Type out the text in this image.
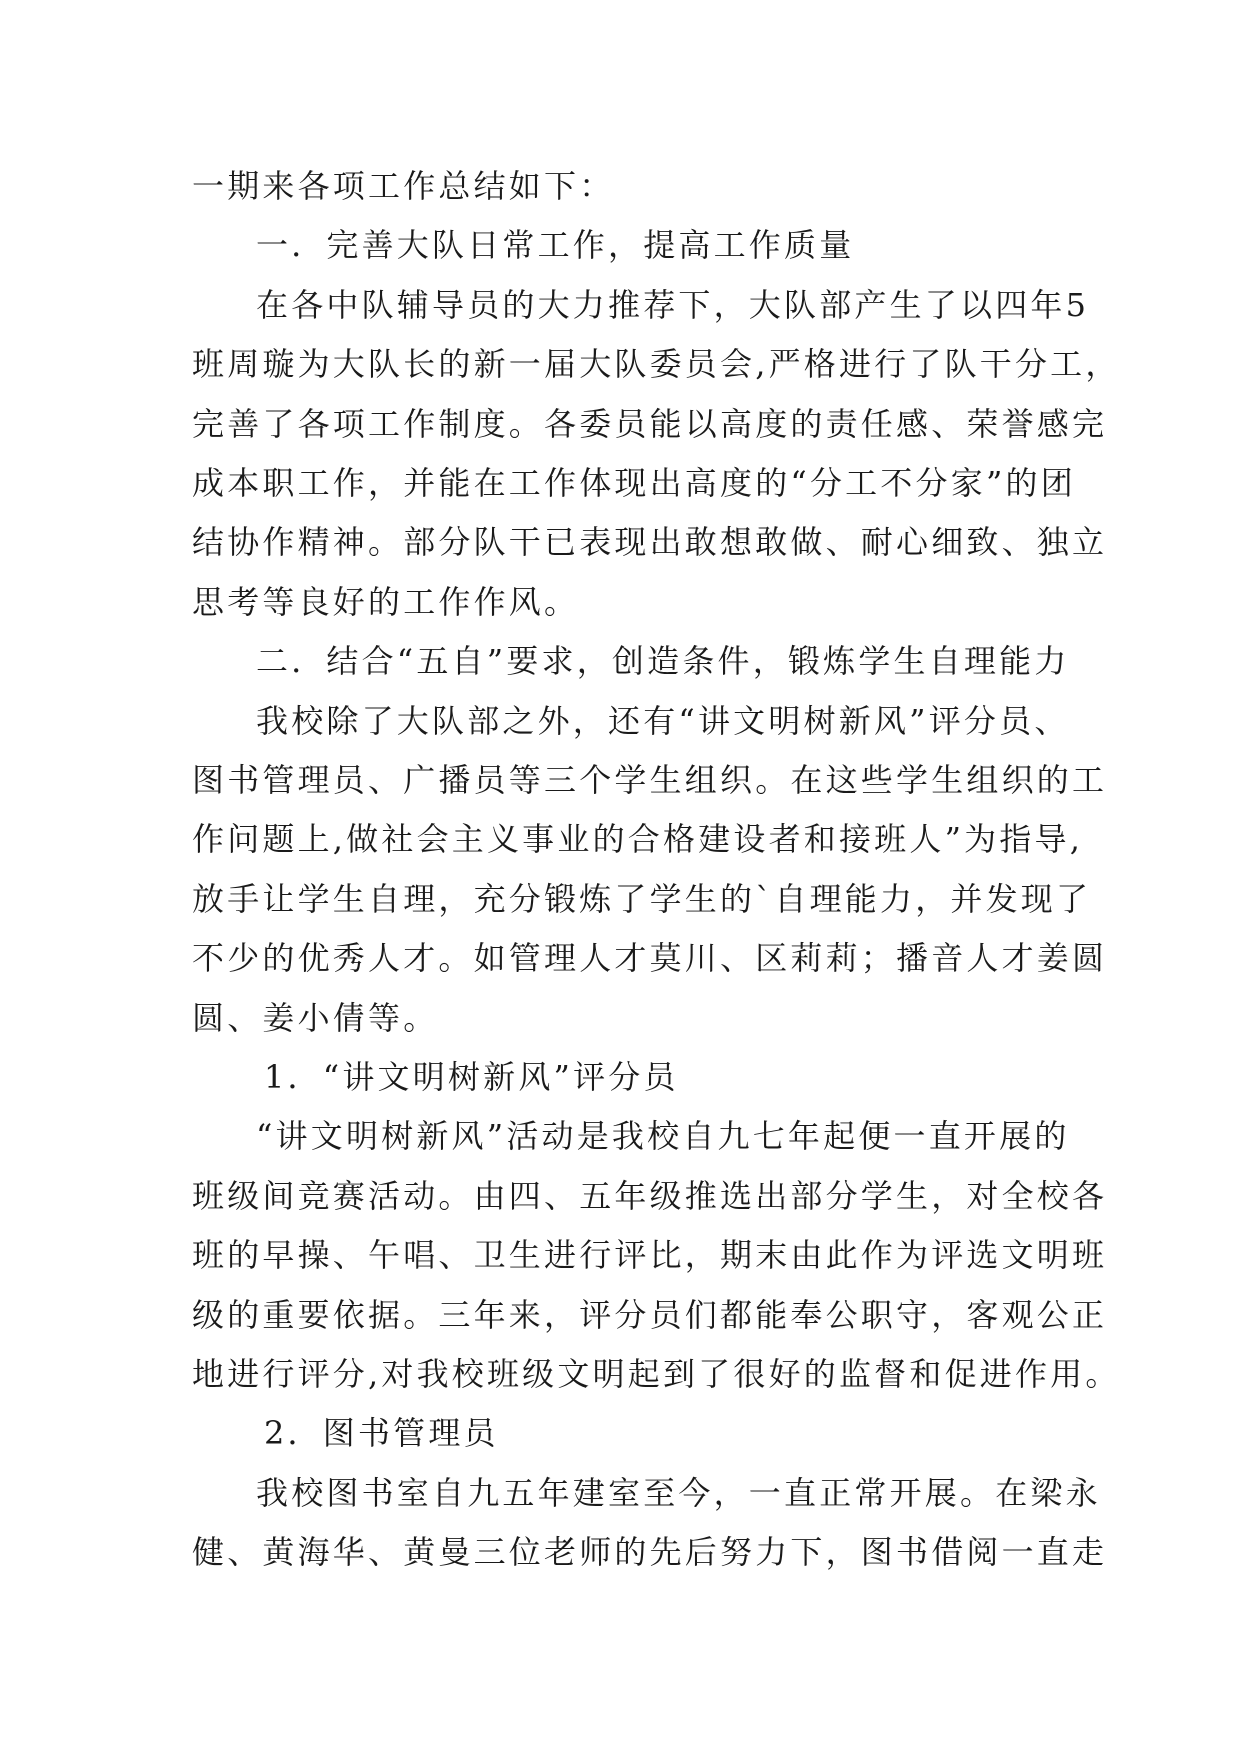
一期来各项工作总结如下：

一．完善大队日常工作，提高工作质量

在各中队辅导员的大力推荐下，大队部产生了以四年5

班周璇为大队长的新一届大队委员会,严格进行了队干分工，

完善了各项工作制度。各委员能以高度的责任感、荣誉感完

成本职工作，并能在工作体现出高度的“分工不分家”的团

结协作精神。部分队干已表现出敢想敢做、耐心细致、独立

思考等良好的工作作风。

二．结合“五自”要求，创造条件，锻炼学生自理能力

我校除了大队部之外，还有“讲文明树新风”评分员、

图书管理员、广播员等三个学生组织。在这些学生组织的工

作问题上,做社会主义事业的合格建设者和接班人”为指导,

放手让学生自理，充分锻炼了学生的`自理能力，并发现了

不少的优秀人才。如管理人才莫川、区莉莉；播音人才姜圆

圆、姜小倩等。

1．“讲文明树新风”评分员

“讲文明树新风”活动是我校自九七年起便一直开展的

班级间竞赛活动。由四、五年级推选出部分学生，对全校各

班的早操、午唱、卫生进行评比，期末由此作为评选文明班

级的重要依据。三年来，评分员们都能奉公职守，客观公正

地进行评分,对我校班级文明起到了很好的监督和促进作用。

2．图书管理员

我校图书室自九五年建室至今，一直正常开展。在梁永

健、黄海华、黄曼三位老师的先后努力下，图书借阅一直走
